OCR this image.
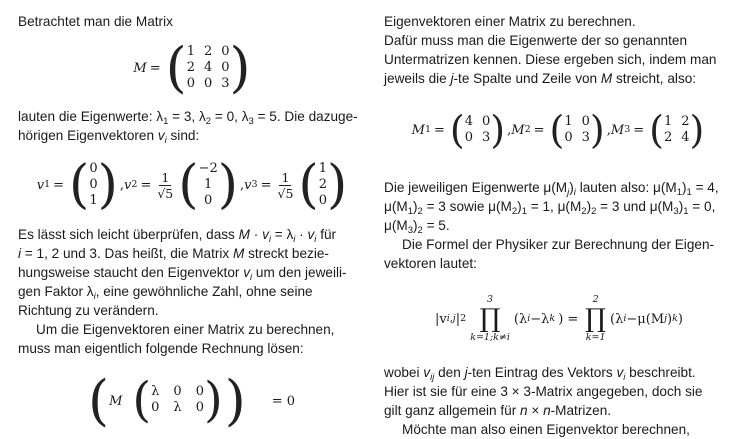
Betrachtet man die Matrix

M = ( 1 2 0
2 4 0
0 0 3 )

lauten die Eigenwerte: $\lambda_1 = 3$, $\lambda_2 = 0$, $\lambda_3 = 5$. Die dazuge-
hörigen Eigenvektoren $v_i$ sind:

v 1 = ( 0
0
1 ) , v $2 = \frac{1}{√5}$ ( −2
1
0 ) , v $3 = \frac{1}{√5}$ ( 1
2
0 )

Es lässt sich leicht überprüfen, dass $M \cdot v_i = \lambda_i \cdot v_i$ für
i = 1, 2 und 3. Das heißt, die Matrix M streckt bezie-
hungsweise staucht den Eigenvektor $v_i$ um den jeweili-
gen Faktor $\lambda_i$, eine gewöhnliche Zahl, ohne seine
Richtung zu verändern.

Um die Eigenvektoren einer Matrix zu berechnen,
muss man eigentlich folgende Rechnung lösen:

( M ( λ 0 0
0 λ 0 ) ) = 0

Eigenvektoren einer Matrix zu berechnen.
Dafür muss man die Eigenwerte der so genannten
Untermatrizen kennen. Diese ergeben sich, indem man
jeweils die j-te Spalte und Zeile von M streicht, also:

M 1 = ( 4 0
0 3 ) , M 2 = ( 1 0
0 3 ) , M 3 = ( 1 2
2 4 )

Die jeweiligen Eigenwerte $\mu(M_j)_i$ lauten also: $\mu(M_1)_1 = 4$,
$\mu(M_1)_2 = 3$ sowie $\mu(M_2)_1 = 1$, $\mu(M_2)_2 = 3$ und $\mu(M_3)_1 = 0$,
$\mu(M_3)_2 = 5$.

Die Formel der Physiker zur Berechnung der Eigen-
vektoren lautet:

|v i,j | 2
3
∏
k=1;k≠i
(λ i −λ k ) =
2
∏
k=1
(λ i −μ(M j ) k )

wobei $v_{ij}$ den j-ten Eintrag des Vektors $v_i$ beschreibt.
Hier ist sie für eine 3 × 3-Matrix angegeben, doch sie
gilt ganz allgemein für n × n-Matrizen.

Möchte man also einen Eigenvektor berechnen,
